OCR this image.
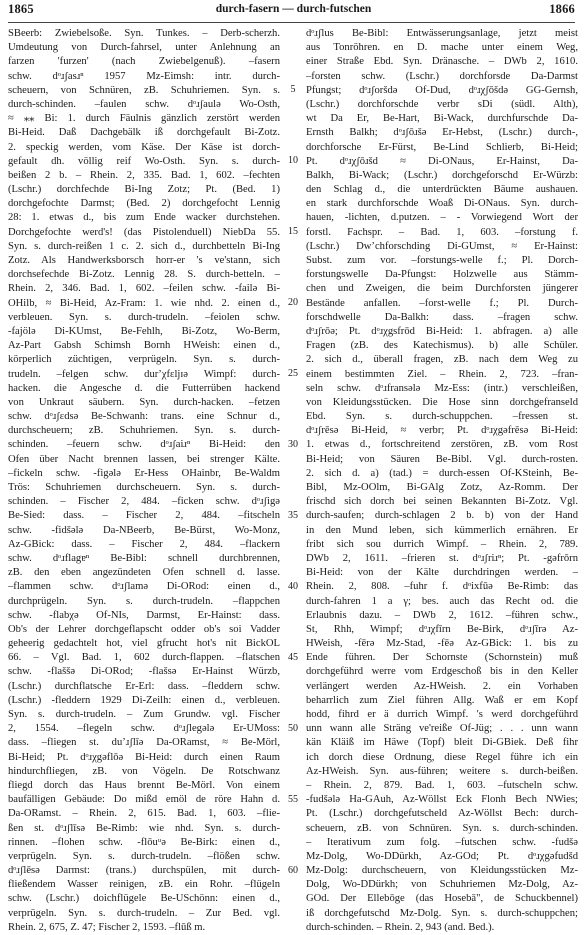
1865	durch-fasern — durch-futschen	1866
SBeerb: Zwiebelsoße. Syn. Tunkes. – Derb-scherzh.
Umdeutung von Durch-fahrsel, unter Anlehnung an
farzen 'furzen' (nach Zwiebelgenuß). –fasern
schw. dᵒɹʃasɹⁿ 1957 Mz-Eimsh: intr. durch-
scheuern, von Schnüren, zB. Schuhriemen. Syn. s.
durch-schinden. –faulen schw. dᵒɹʃaulə Wo-Osth,
≈ ⁎⁎ Bi: 1. durch Fäulnis gänzlich zerstört werden
Bi-Heid. Daß Dachgebälk iß dorchgefault Bi-Zotz.
2. speckig werden, vom Käse. Der Käse ist dorch-
gefault dh. völlig reif Wo-Osth. Syn. s. durch-
beißen 2 b. – Rhein. 2, 335. Bad. 1, 602. –fechten
(Lschr.) dorchfechde Bi-Ing Zotz; Pt. (Bed. 1)
dorchgefochte Darmst; (Bed. 2) dorchgefocht Lennig
28: 1. etwas d., bis zum Ende wacker durchstehen.
Dorchgefochte werd's! (das Pistolenduell) NiebDa 55.
Syn. s. durch-reißen 1 c. 2. sich d., durchbetteln Bi-Ing
Zotz. Als Handwerksborsch horr-er 's ve'stann, sich
dorchsefechde Bi-Zotz. Lennig 28. S. durch-betteln. –
Rhein. 2, 346. Bad. 1, 602. –feilen schw. -failə Bi-
OHilb, ≈ Bi-Heid, Az-Fram: 1. wie nhd. 2. einen d.,
verbleuen. Syn. s. durch-trudeln. –feiolen schw.
-fajölə Di-KUmst, Be-Fehlh, Bi-Zotz, Wo-Berm,
Az-Part Gabsh Schimsh Bornh HWeish: einen d.,
körperlich züchtigen, verprügeln. Syn. s. durch-
trudeln. –felgen schw. durʼχfɛljɪə Wimpf: durch-
hacken. die Angesche d. die Futterrüben hackend
von Unkraut säubern. Syn. durch-hacken. –fetzen
schw. dᵒɹʃɛdsə Be-Schwanh: trans. eine Schnur d.,
durchscheuern; zB. Schuhriemen. Syn. s. durch-
schinden. –feuern schw. dᵒɹʃaiɹⁿ Bi-Heid: den
Ofen über Nacht brennen lassen, bei strenger Kälte.
–fickeln schw. -figələ Er-Hess OHainbr, Be-Waldm
Trös: Schuhriemen durchscheuern. Syn. s. durch-
schinden. – Fischer 2, 484. –ficken schw. dᵒɹʃigə
Be-Sied: dass. – Fischer 2, 484. –fitscheln
schw. -fidšələ Da-NBeerb, Be-Bürst, Wo-Monz,
Az-GBick: dass. – Fischer 2, 484. –flackern
schw. dᵒɹflagɐⁿ Be-Bibl: schnell durchbrennen,
zB. den eben angezündeten Ofen schnell d. lasse.
–flammen schw. dᵒɹʃlamə Di-ORod: einen d.,
durchprügeln. Syn. s. durch-trudeln. –flappchen
schw. -flabχə Of-NIs, Darmst, Er-Hainst: dass.
Ob's der Lehrer dorchgeflapscht odder ob's soi Vadder
geheerig gedachtelt hot, viel gfrucht hot's nit BickOL
66. – Vgl. Bad. 1, 602 durch-flappen. –flatschen
schw. -flaššə Di-ORod; -flašsə Er-Hainst Würzb,
(Lschr.) durchflatsche Er-Erl: dass. –fleddern schw.
(Lschr.) -fleddern 1929 Di-Zeilh: einen d., verbleuen.
Syn. s. durch-trudeln. – Zum Grundw. vgl. Fischer
2, 1554. –flegeln schw. dᵒɹʃlegələ Er-UMoss:
dass. –fliegen st. duʼɹʃlīə Da-ORamst, ≈ Be-Mörl,
Bi-Heid; Pt. dᵒɹχgəflōə Bi-Heid: durch einen Raum
hindurchfliegen, zB. von Vögeln. De Rotschwanz
fliegd dorch das Haus brennt Be-Mörl. Von einem
baufälligen Gebäude: Do mißd emöl de röre Hahn d.
Da-ORamst. – Rhein. 2, 615. Bad. 1, 603. –flie-
ßen st. dᵒɹʃlīsə Be-Rimb: wie nhd. Syn. s. durch-
rinnen. –flohen schw. -flōuᵘə Be-Birk: einen d.,
verprügeln. Syn. s. durch-trudeln. –flößen schw.
dᵒɹʃlēsə Darmst: (trans.) durchspülen, mit durch-
fließendem Wasser reinigen, zB. ein Rohr. –flügeln
schw. (Lschr.) doichflügele Be-USchönn: einen d.,
verprügeln. Syn. s. durch-trudeln. – Zur Bed. vgl.
Rhein. 2, 675, Z. 47; Fischer 2, 1593. –flūß m.
5
10
15
20
25
30
35
40
45
50
55
60
dᵒɹʃlus Be-Bibl: Entwässerungsanlage, jetzt meist
aus Tonröhren. en D. mache unter einem Weg,
einer Straße Ebd. Syn. Dränasche. – DWb 2, 1610.
–forsten schw. (Lschr.) dorchforsde Da-Darmst
Pfungst; dᵒɹʃoršdə Of-Dud, dᵒɹχʃōšdə GG-Gernsh,
(Lschr.) dorchforschde verbr sDi (südl. Alth),
wt Da Er, Be-Hart, Bi-Wack, durchfurschde Da-
Ernsth Balkh; dᵒɹʃōɹšə Er-Hebst, (Lschr.) durch-,
dorchforsche Er-Fürst, Be-Lind Schlierb, Bi-Heid;
Pt. dᵒɹχʃōɹšd ≈ Di-ONaus, Er-Hainst, Da-
Balkh, Bi-Wack; (Lschr.) dorchgeforschd Er-Würzb:
den Schlag d., die unterdrückten Bäume aushauen.
en stark durchforschde Woaß Di-ONaus. Syn. durch-
hauen, -lichten, d.putzen. – - Vorwiegend Wort der
forstl. Fachspr. – Bad. 1, 603. –forstung f.
(Lschr.) Dwʼchforschding Di-GUmst, ≈ Er-Hainst:
Subst. zum vor. –forstungs-welle f.; Pl. Dorch-
forstungswelle Da-Pfungst: Holzwelle aus Stämm-
chen und Zweigen, die beim Durchforsten jüngerer
Bestände anfallen. –forst-welle f.; Pl. Durch-
forschdwelle Da-Balkh: dass. –fragen schw.
dᵒɹʃrōə; Pt. dᵒɹχgsfrōd Bi-Heid: 1. abfragen. a) alle
Fragen (zB. des Katechismus). b) alle Schüler.
2. sich d., überall fragen, zB. nach dem Weg zu
einem bestimmten Ziel. – Rhein. 2, 723. –fran-
seln schw. dᵒɹfransələ Mz-Ess: (intr.) verschleißen,
von Kleidungsstücken. Die Hose sinn dorchgefranseld
Ebd. Syn. s. durch-schuppchen. –fressen st.
dᵒɹʃrēsə Bi-Heid, ≈ verbr; Pt. dᵒɹχgəfrēsə Bi-Heid:
1. etwas d., fortschreitend zerstören, zB. vom Rost
Bi-Heid; von Säuren Be-Bibl. Vgl. durch-rosten.
2. sich d. a) (tad.) = durch-essen Of-KSteinh, Be-
Bibl, Mz-OOlm, Bi-GAlg Zotz, Az-Romm. Der
frischd sich dorch bei seinen Bekannten Bi-Zotz. Vgl.
durch-saufen; durch-schlagen 2 b. b) von der Hand
in den Mund leben, sich kümmerlich ernähren. Er
fribt sich sou durrich Wimpf. – Rhein. 2, 789.
DWb 2, 1611. –frieren st. dᵒɹʃriɹⁿ; Pt. -gəfrōrn
Bi-Heid: von der Kälte durchdringen werden. –
Rhein. 2, 808. –fuhr f. dᵒixfūə Be-Rimb: das
durch-fahren 1 a γ; bes. auch das Recht od. die
Erlaubnis dazu. – DWb 2, 1612. –führen schw.,
St, Rhh, Wimpf; dᵒɹχfīrn Be-Birk, dᵒɹʃīrə Az-
HWeish, -fērə Mz-Stad, -fēə Az-GBick: 1. bis zu
Ende führen. Der Schornste (Schornstein) muß
dorchgeführd werre vom Erdgeschoß bis in den Keller
verlängert werden Az-HWeish. 2. ein Vorhaben
beharrlich zum Ziel führen Allg. Waß er em Kopf
hodd, fihrd er ä durrich Wimpf. 's werd dorchgeführd
unn wann alle Sträng ve'reiße Of-Jüg; . . . unn wann
kän Kläiß im Häwe (Topf) bleit Di-GBiek. Deß fihr
ich dorch diese Ordnung, diese Regel führe ich ein
Az-HWeish. Syn. aus-führen; weitere s. durch-beißen.
– Rhein. 2, 879. Bad. 1, 603. –futscheln schw.
-fudšələ Ha-GAuh, Az-Wöllst Eck Flonh Bech NWies;
Pt. (Lschr.) dorchgefutscheld Az-Wöllst Bech: durch-
scheuern, zB. von Schnüren. Syn. s. durch-schinden.
– Iterativum zum folg. –futschen schw. -fudšə
Mz-Dolg, Wo-DDürkh, Az-GOd; Pt. dᵒɹχgəfudšd
Mz-Dolg: durchscheuern, von Kleidungsstücken Mz-
Dolg, Wo-DDürkh; von Schuhriemen Mz-Dolg, Az-
GOd. Der Ellebōge (das Hosebā", de Schuckbennel)
iß dorchgefutschd Mz-Dolg. Syn. s. durch-schuppchen;
durch-schinden. – Rhein. 2, 943 (and. Bed.).
